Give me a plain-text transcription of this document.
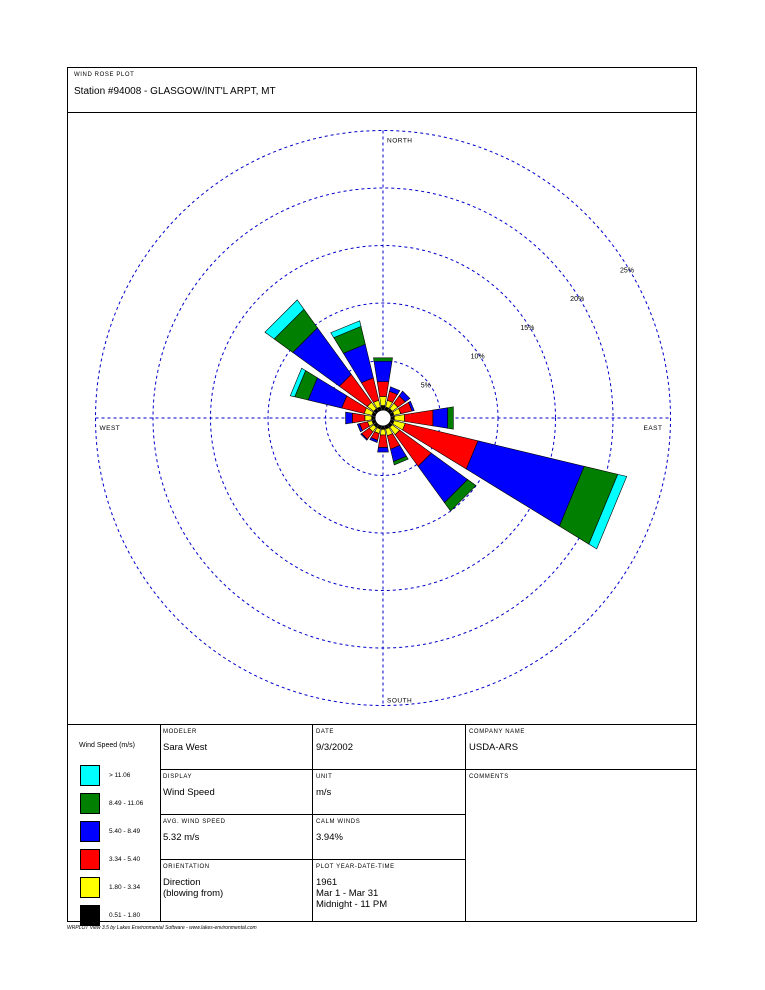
WIND ROSE PLOT
Station #94008 - GLASGOW/INT'L ARPT, MT
5%
10%
15%
20%
25%
NORTH
SOUTH
EAST
WEST
Wind Speed (m/s)
> 11.06
8.49 - 11.06
5.40 - 8.49
3.34 - 5.40
1.80 - 3.34
0.51 - 1.80
MODELER
Sara West
DATE
9/3/2002
COMPANY NAME
USDA-ARS
DISPLAY
Wind Speed
UNIT
m/s
COMMENTS
AVG. WIND SPEED
5.32 m/s
CALM WINDS
3.94%
ORIENTATION
Direction
(blowing from)
PLOT YEAR-DATE-TIME
1961
Mar 1 - Mar 31
Midnight - 11 PM
WRPLOT View 3.5 by Lakes Environmental Software - www.lakes-environmental.com
